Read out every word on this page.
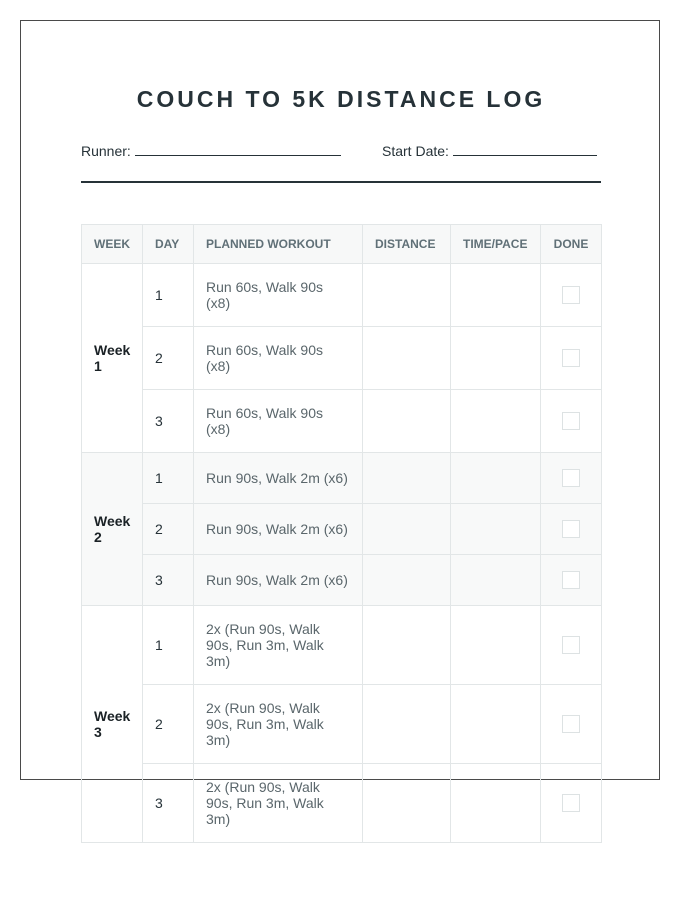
COUCH TO 5K DISTANCE LOG
Runner:	Start Date:
WEEK	DAY	PLANNED WORKOUT	DISTANCE	TIME/PACE	DONE
Week 1	1	Run 60s, Walk 90s (x8)			

	2	Run 60s, Walk 90s (x8)			

	3	Run 60s, Walk 90s (x8)			

Week 2	1	Run 90s, Walk 2m (x6)			

	2	Run 90s, Walk 2m (x6)			

	3	Run 90s, Walk 2m (x6)			

Week 3	1	2x (Run 90s, Walk 90s, Run 3m, Walk 3m)			

	2	2x (Run 90s, Walk 90s, Run 3m, Walk 3m)			

	3	2x (Run 90s, Walk 90s, Run 3m, Walk 3m)			
